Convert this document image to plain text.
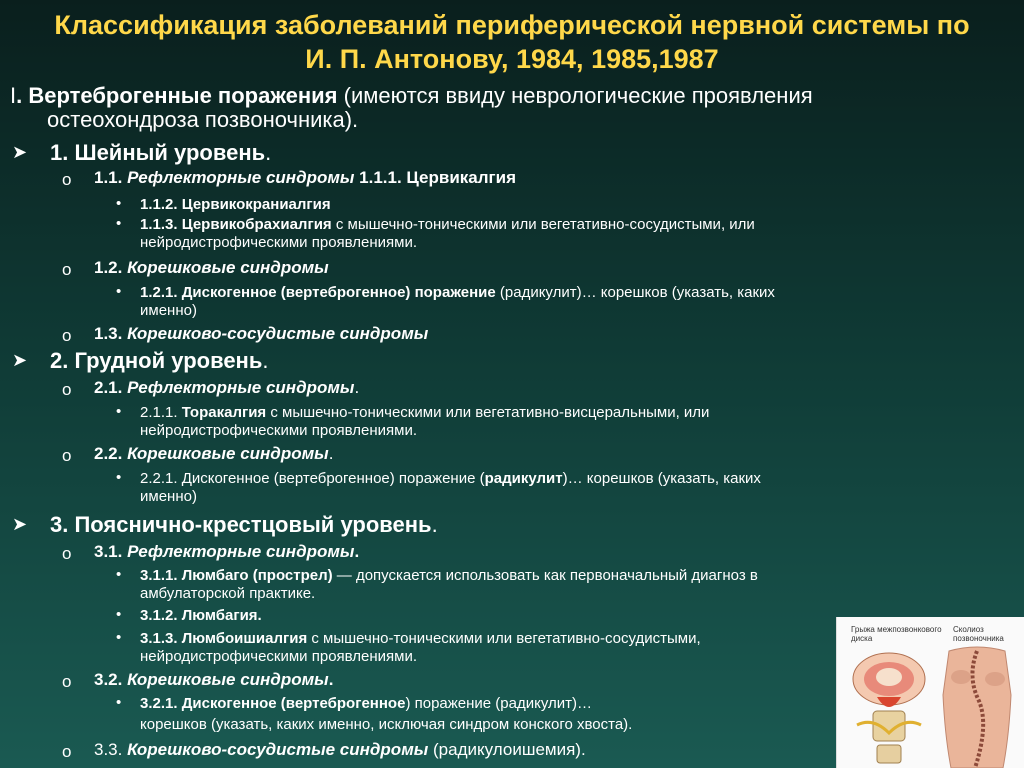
Классификация заболеваний периферической нервной системы по
И. П. Антонову, 1984, 1985,1987
I. Вертеброгенные поражения (имеются ввиду неврологические проявления
остеохондроза позвоночника).
➤ 1. Шейный уровень.
o 1.1. Рефлекторные синдромы 1.1.1. Цервикалгия
• 1.1.2. Цервикокраниалгия
• 1.1.3. Цервикобрахиалгия с мышечно-тоническими или вегетативно-сосудистыми, или
нейродистрофическими проявлениями.
o 1.2. Корешковые синдромы
• 1.2.1. Дискогенное (вертеброгенное) поражение (радикулит)… корешков (указать, каких
именно)
o 1.3. Корешково-сосудистые синдромы
➤ 2. Грудной уровень.
o 2.1. Рефлекторные синдромы.
• 2.1.1. Торакалгия с мышечно-тоническими или вегетативно-висцеральными, или
нейродистрофическими проявлениями.
o 2.2. Корешковые синдромы.
• 2.2.1. Дискогенное (вертеброгенное) поражение (радикулит)… корешков (указать, каких
именно)
➤ 3. Пояснично-крестцовый уровень.
o 3.1. Рефлекторные синдромы.
• 3.1.1. Люмбаго (прострел) — допускается использовать как первоначальный диагноз в
амбулаторской практике.
• 3.1.2. Люмбагия.
• 3.1.3. Люмбоишиалгия с мышечно-тоническими или вегетативно-сосудистыми,
нейродистрофическими проявлениями.
o 3.2. Корешковые синдромы.
• 3.2.1. Дискогенное (вертеброгенное) поражение (радикулит)…
корешков (указать, каких именно, исключая синдром конского хвоста).
o 3.3. Корешково-сосудистые синдромы (радикулоишемия).
Грыжа межпозвонкового
диска
Сколиоз
позвоночника
